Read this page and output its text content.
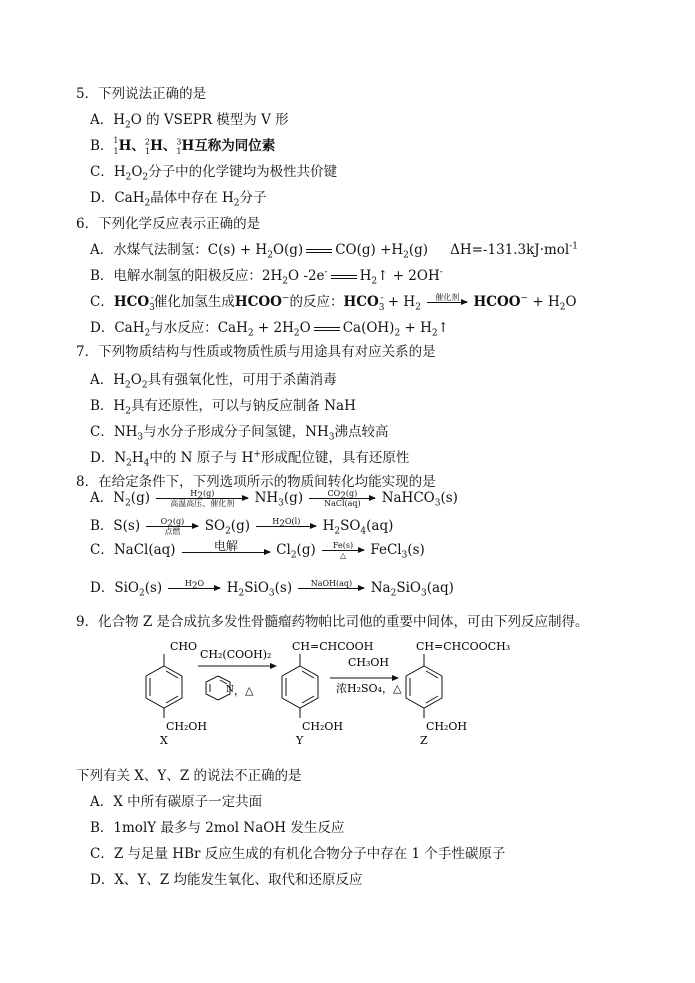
5．下列说法正确的是
A．$H_2O$ 的 VSEPR 模型为 V 形
B．$^1_1$H、$^2_1$H、$^3_1$H互称为同位素
C．$H_2O_2$分子中的化学键均为极性共价键
D．CaH$_2$晶体中存在 $H_2$分子
6．下列化学反应表示正确的是
A．水煤气法制氢：$C(s) + H_2O(g)$ $CO(g) +H_2(g)$ ΔH=-131.3kJ·mol$^{-1}$
B．电解水制氢的阳极反应：$2H_2O$ -2e- $H_2↑ + 2OH^-$
C．$HCO_3^-$催化加氢生成HCOO−的反应：$HCO_3^- + H_2$
催化剂
	HCOO− + $H_2O$
D．CaH$_2$与水反应：$CaH_2 + 2H_2O$ $Ca(OH)_2$ + $H_2↑$
7．下列物质结构与性质或物质性质与用途具有对应关系的是
A．$H_2O_2$具有强氧化性，可用于杀菌消毒
B．$H_2$具有还原性，可以与钠反应制备 NaH
C．$NH_3$与水分子形成分子间氢键，$NH_3$沸点较高
D．$N_2H_4$中的 N 原子与 H+形成配位键，具有还原性
8．在给定条件下，下列选项所示的物质间转化均能实现的是
A．$N_2(g)$	$H_2(g)$
高温高压、催化剂	$NH_3(g)$	$CO_2(g)$
NaCl(aq)	NaHCO$_3$(s)
B．S(s)	$O_2(g)$
点燃	$SO_2(g)$	$H_2O(l)$
	$H_2SO_4(aq)$
C．NaCl(aq)	电解
	$Cl_2(g)$	Fe(s)
△	FeCl$_3$(s)
D．SiO$_2$(s)	$H_2O$
	$H_2SiO_3(s)$	NaOH(aq)
	$Na_2SiO_3(aq)$
9．化合物 Z 是合成抗多发性骨髓瘤药物帕比司他的重要中间体，可由下列反应制得。
CHO
CH₂OH
X
CH₂(COOH)₂
N ，△
CH=CHCOOH
CH₂OH
Y
CH₃OH
浓H₂SO₄，△
CH=CHCOOCH₃
CH₂OH
Z
下列有关 X、Y、Z 的说法不正确的是
A．X 中所有碳原子一定共面
B．1molY 最多与 2mol NaOH 发生反应
C．Z 与足量 HBr 反应生成的有机化合物分子中存在 1 个手性碳原子
D．X、Y、Z 均能发生氧化、取代和还原反应
